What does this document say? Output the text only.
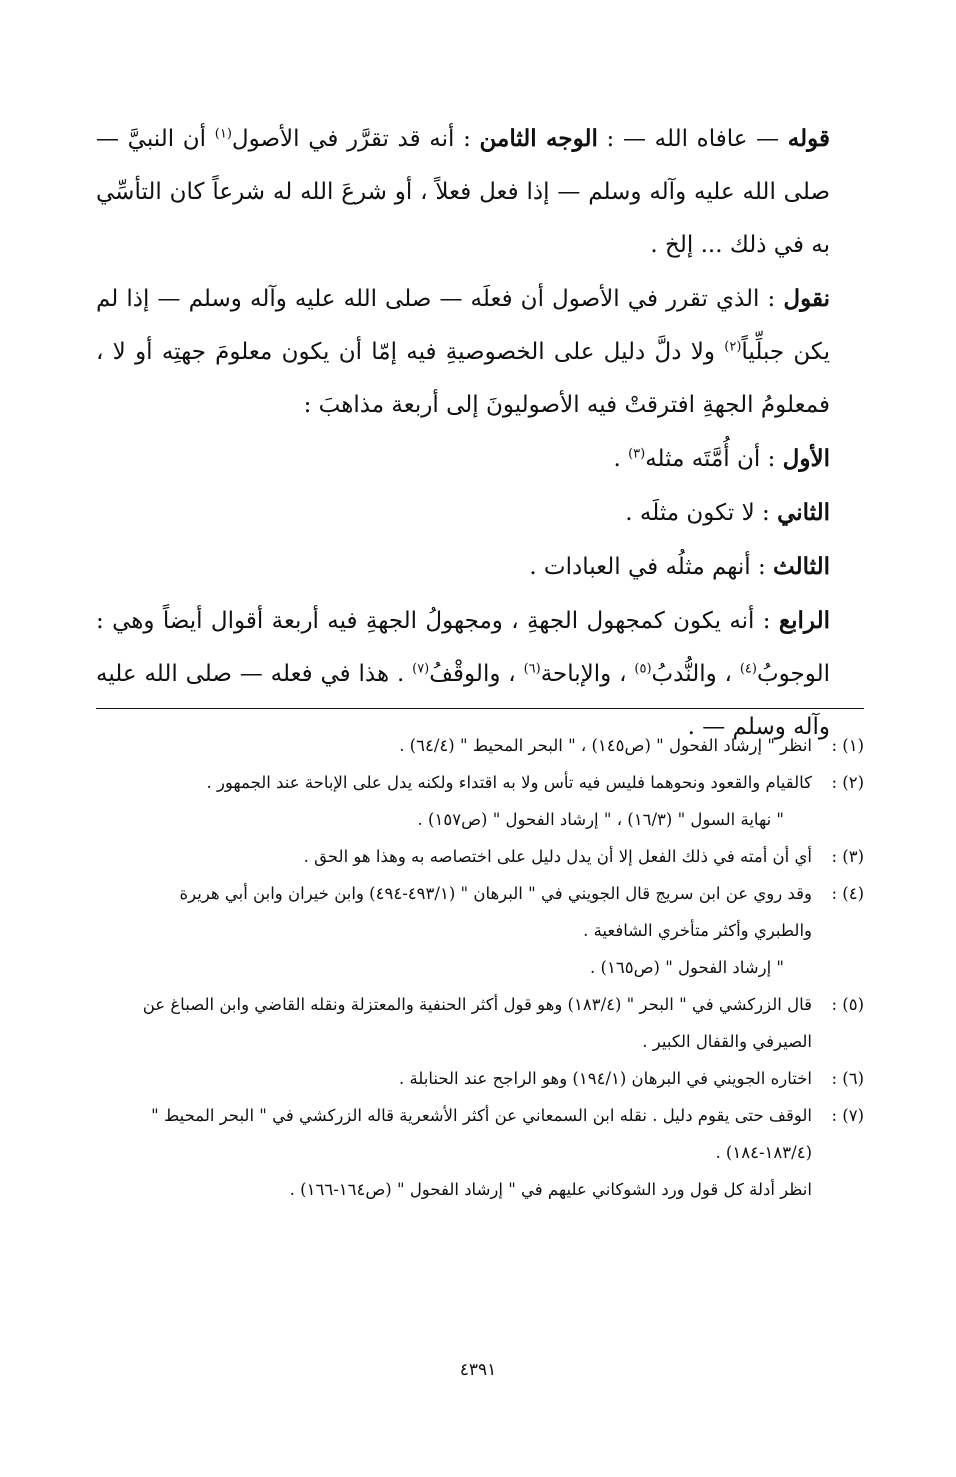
قوله — عافاه الله — : الوجه الثامن : أنه قد تقرَّر في الأصول$^{(١)}$ أن النبيَّ — صلى الله عليه وآله وسلم — إذا فعل فعلاً ، أو شرعَ الله له شرعاً كان التأسِّي به في ذلك ... إلخ .

نقول : الذي تقرر في الأصول أن فعلَه — صلى الله عليه وآله وسلم — إذا لم يكن جبلِّياً$^{(٢)}$ ولا دلَّ دليل على الخصوصيةِ فيه إمّا أن يكون معلومَ جهتِه أو لا ، فمعلومُ الجهةِ افترقتْ فيه الأصوليونَ إلى أربعة مذاهبَ :

الأول : أن أُمَّتَه مثله$^{(٣)}$ .

الثاني : لا تكون مثلَه .

الثالث : أنهم مثلُه في العبادات .

الرابع : أنه يكون كمجهول الجهةِ ، ومجهولُ الجهةِ فيه أربعة أقوال أيضاً وهي : الوجوبُ$^{(٤)}$ ، والنُّدبُ$^{(٥)}$ ، والإباحة$^{(٦)}$ ، والوقْفُ$^{(٧)}$ . هذا في فعله — صلى الله عليه وآله وسلم — .

(١) :
انظر " إرشاد الفحول " (ص١٤٥) ، " البحر المحيط " (٦٤/٤) .
(٢) :
كالقيام والقعود ونحوهما فليس فيه تأس ولا به اقتداء ولكنه يدل على الإباحة عند الجمهور .
" نهاية السول " (١٦/٣) ، " إرشاد الفحول " (ص١٥٧) .
(٣) :
أي أن أمته في ذلك الفعل إلا أن يدل دليل على اختصاصه به وهذا هو الحق .
(٤) :
وقد روي عن ابن سريج قال الجويني في " البرهان " (٤٩٣/١-٤٩٤) وابن خيران وابن أبي هريرة
والطبري وأكثر متأخري الشافعية .
" إرشاد الفحول " (ص١٦٥) .
(٥) :
قال الزركشي في " البحر " (١٨٣/٤) وهو قول أكثر الحنفية والمعتزلة ونقله القاضي وابن الصباغ عن
الصيرفي والقفال الكبير .
(٦) :
اختاره الجويني في البرهان (١٩٤/١) وهو الراجح عند الحنابلة .
(٧) :
الوقف حتى يقوم دليل . نقله ابن السمعاني عن أكثر الأشعرية قاله الزركشي في " البحر المحيط "
(١٨٣/٤-١٨٤) .
انظر أدلة كل قول ورد الشوكاني عليهم في " إرشاد الفحول " (ص١٦٤-١٦٦) .
٤٣٩١
